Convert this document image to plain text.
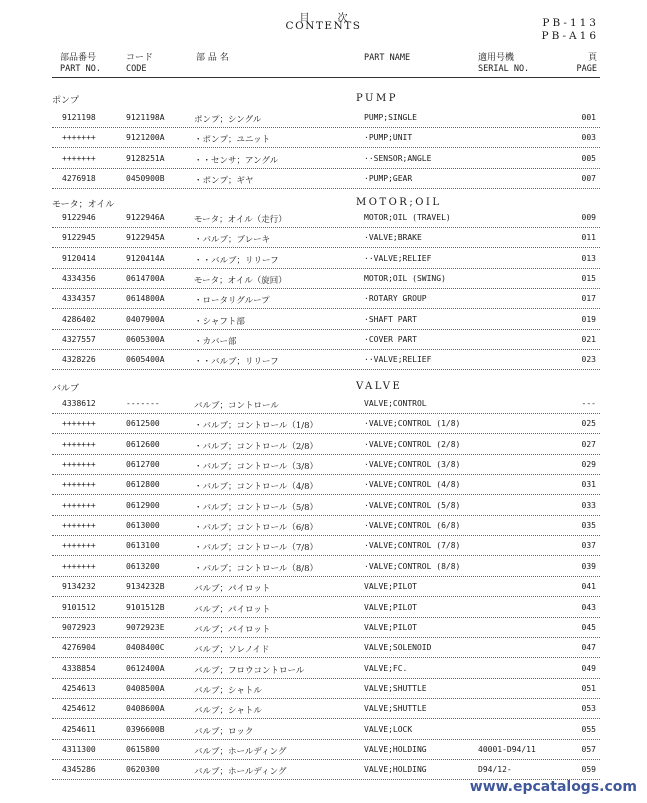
目次
CONTENTS	PB-113
PB-A16
部品番号
PART NO.
コード
CODE
部 品 名	PART NAME	適用号機
SERIAL NO.
頁
PAGE
ポンプ	PUMP
9121198	9121198A	ポンプ；シングル	PUMP;SINGLE	001
+++++++	9121200A	・ポンプ；ユニット	·PUMP;UNIT	003
+++++++	9128251A	・・センサ；アングル	··SENSOR;ANGLE	005
4276918	0450900B	・ポンプ；ギヤ	·PUMP;GEAR	007
モータ；オイル	MOTOR;OIL
9122946	9122946A	モータ；オイル（走行）	MOTOR;OIL (TRAVEL)	009
9122945	9122945A	・バルブ；ブレーキ	·VALVE;BRAKE	011
9120414	9120414A	・・バルブ；リリーフ	··VALVE;RELIEF	013
4334356	0614700A	モータ；オイル（旋回）	MOTOR;OIL (SWING)	015
4334357	0614800A	・ロータリグループ	·ROTARY GROUP	017
4286402	0407900A	・シャフト部	·SHAFT PART	019
4327557	0605300A	・カバー部	·COVER PART	021
4328226	0605400A	・・バルブ；リリーフ	··VALVE;RELIEF	023
バルブ	VALVE
4338612	-------	バルブ；コントロール	VALVE;CONTROL	---
+++++++	0612500	・バルブ；コントロール（1/8）	·VALVE;CONTROL (1/8)	025
+++++++	0612600	・バルブ；コントロール（2/8）	·VALVE;CONTROL (2/8)	027
+++++++	0612700	・バルブ；コントロール（3/8）	·VALVE;CONTROL (3/8)	029
+++++++	0612800	・バルブ；コントロール（4/8）	·VALVE;CONTROL (4/8)	031
+++++++	0612900	・バルブ；コントロール（5/8）	·VALVE;CONTROL (5/8)	033
+++++++	0613000	・バルブ；コントロール（6/8）	·VALVE;CONTROL (6/8)	035
+++++++	0613100	・バルブ；コントロール（7/8）	·VALVE;CONTROL (7/8)	037
+++++++	0613200	・バルブ；コントロール（8/8）	·VALVE;CONTROL (8/8)	039
9134232	9134232B	バルブ；パイロット	VALVE;PILOT	041
9101512	9101512B	バルブ；パイロット	VALVE;PILOT	043
9072923	9072923E	バルブ；パイロット	VALVE;PILOT	045
4276904	0408400C	バルブ；ソレノイド	VALVE;SOLENOID	047
4338854	0612400A	バルブ；フロウコントロール	VALVE;FC.	049
4254613	0408500A	バルブ；シャトル	VALVE;SHUTTLE	051
4254612	0408600A	バルブ；シャトル	VALVE;SHUTTLE	053
4254611	0396600B	バルブ；ロック	VALVE;LOCK	055
4311300	0615800	バルブ；ホールディング	VALVE;HOLDING	40001-D94/11	057
4345286	0620300	バルブ；ホールディング	VALVE;HOLDING	D94/12-	059
www.epcatalogs.com
